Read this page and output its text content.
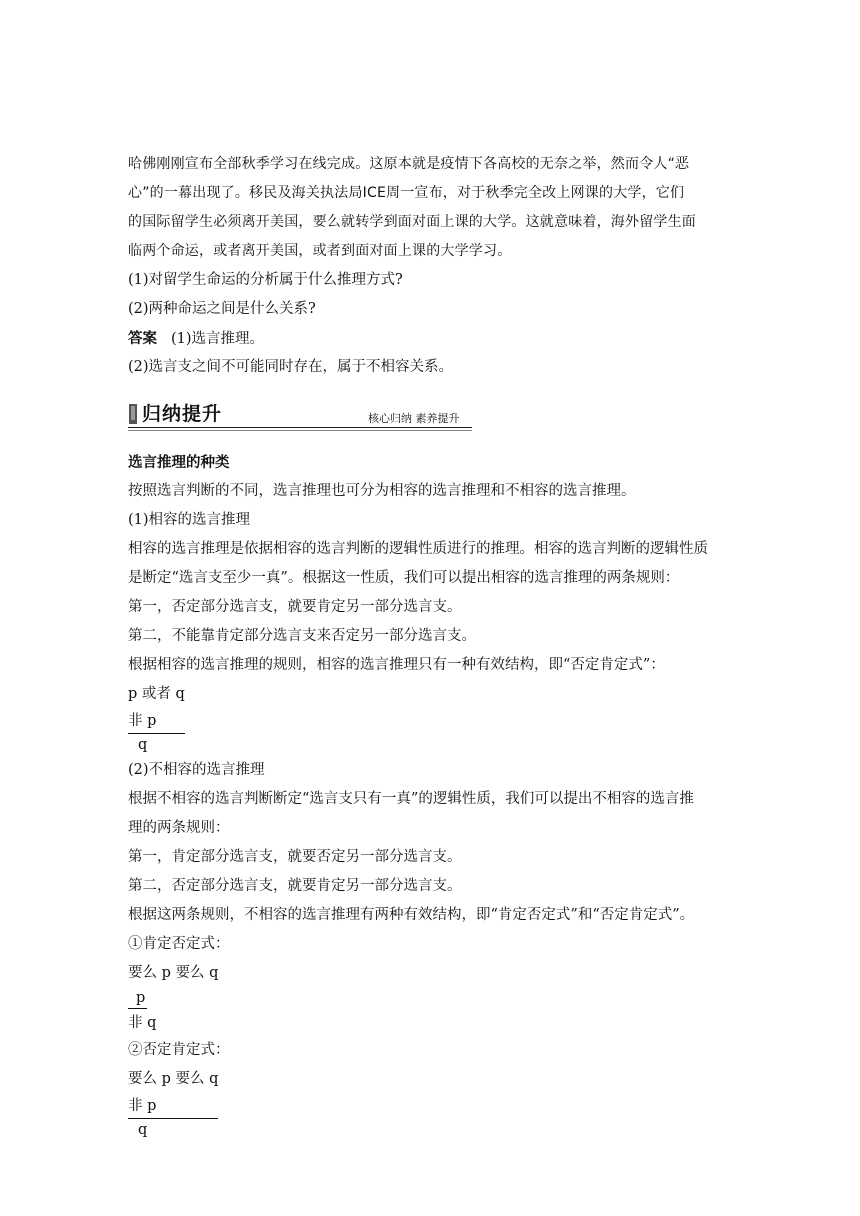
哈佛刚刚宣布全部秋季学习在线完成。这原本就是疫情下各高校的无奈之举，然而令人“恶
心”的一幕出现了。移民及海关执法局ICE周一宣布，对于秋季完全改上网课的大学，它们
的国际留学生必须离开美国，要么就转学到面对面上课的大学。这就意味着，海外留学生面
临两个命运，或者离开美国，或者到面对面上课的大学学习。
(1)对留学生命运的分析属于什么推理方式?
(2)两种命运之间是什么关系?
答案 (1)选言推理。
(2)选言支之间不可能同时存在，属于不相容关系。
归纳提升	核心归纳 素养提升
选言推理的种类
按照选言判断的不同，选言推理也可分为相容的选言推理和不相容的选言推理。
(1)相容的选言推理
相容的选言推理是依据相容的选言判断的逻辑性质进行的推理。相容的选言判断的逻辑性质
是断定“选言支至少一真”。根据这一性质，我们可以提出相容的选言推理的两条规则：
第一，否定部分选言支，就要肯定另一部分选言支。
第二，不能靠肯定部分选言支来否定另一部分选言支。
根据相容的选言推理的规则，相容的选言推理只有一种有效结构，即“否定肯定式”：
p 或者 q
非 p
q
(2)不相容的选言推理
根据不相容的选言判断断定“选言支只有一真”的逻辑性质，我们可以提出不相容的选言推
理的两条规则：
第一，肯定部分选言支，就要否定另一部分选言支。
第二，否定部分选言支，就要肯定另一部分选言支。
根据这两条规则，不相容的选言推理有两种有效结构，即“肯定否定式”和“否定肯定式”。
①肯定否定式：
要么 p 要么 q
p
非 q
②否定肯定式：
要么 p 要么 q
非 p
q
